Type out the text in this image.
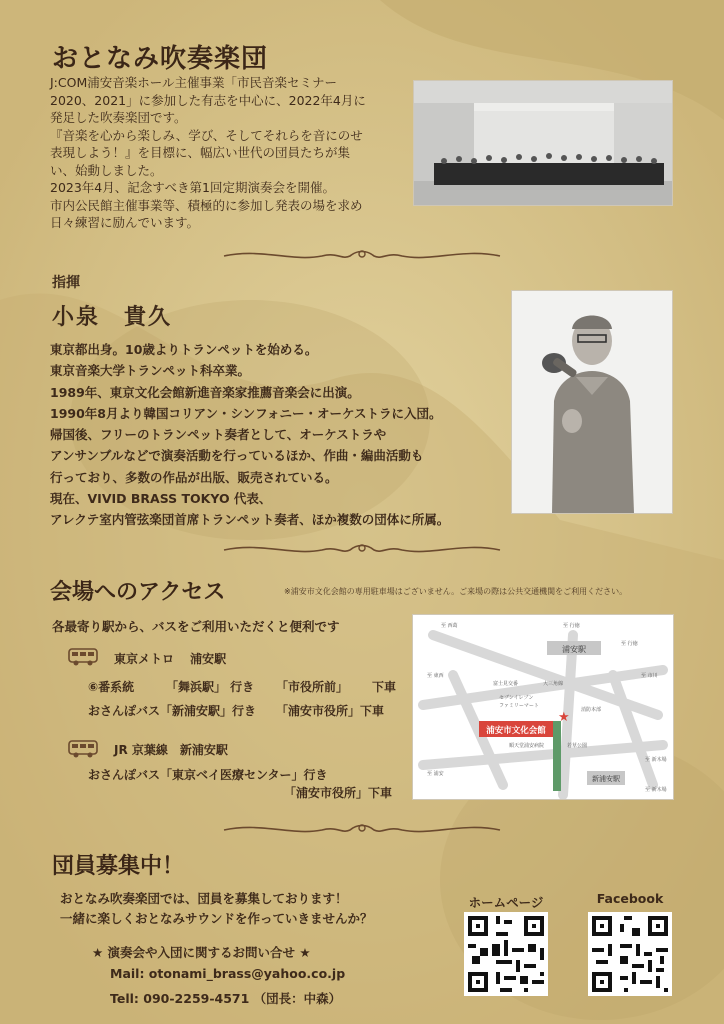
おとなみ吹奏楽団
J:COM浦安音楽ホール主催事業「市民音楽セミナー
2020、2021」に参加した有志を中心に、2022年4月に
発足した吹奏楽団です。
『音楽を心から楽しみ、学び、そしてそれらを音にのせ
表現しよう！』を目標に、幅広い世代の団員たちが集
い、始動しました。
2023年4月、記念すべき第1回定期演奏会を開催。
市内公民館主催事業等、積極的に参加し発表の場を求め
日々練習に励んでいます。
指揮
小泉　貴久
東京都出身。10歳よりトランペットを始める。
東京音楽大学トランペット科卒業。
1989年、東京文化会館新進音楽家推薦音楽会に出演。
1990年8月より韓国コリアン・シンフォニー・オーケストラに入団。
帰国後、フリーのトランペット奏者として、オーケストラや
アンサンブルなどで演奏活動を行っているほか、作曲・編曲活動も
行っており、多数の作品が出版、販売されている。
現在、VIVID BRASS TOKYO 代表、
アレクテ室内管弦楽団首席トランペット奏者、ほか複数の団体に所属。
会場へのアクセス	※浦安市文化会館の専用駐車場はございません。ご来場の際は公共交通機関をご利用ください。
各最寄り駅から、バスをご利用いただくと便利です
東京メトロ　 浦安駅
⑥番系統	「舞浜駅」 行き 「市役所前」 下車
おさんぽバス「新浦安駅」行き 「浦安市役所」下車
JR 京葉線　新浦安駅
おさんぽバス「東京ベイ医療センター」行き
「浦安市役所」下車
浦安駅
新浦安駅
浦安市文化会館
★
至 西葛	至 行徳
至 東西
至 行徳
至 市川
富士見交番
セブンイレブン
ファミリーマート
大三角線
消防本部
順天堂浦安病院	若草公園
至 浦安
至 新木場
至 新木場
団員募集中！
おとなみ吹奏楽団では、団員を募集しております！
一緒に楽しくおとなみサウンドを作っていきませんか？
★ 演奏会や入団に関するお問い合せ ★
Mail: otonami_brass@yahoo.co.jp
Tell: 090-2259-4571 （団長：中森）
ホームページ	Facebook
